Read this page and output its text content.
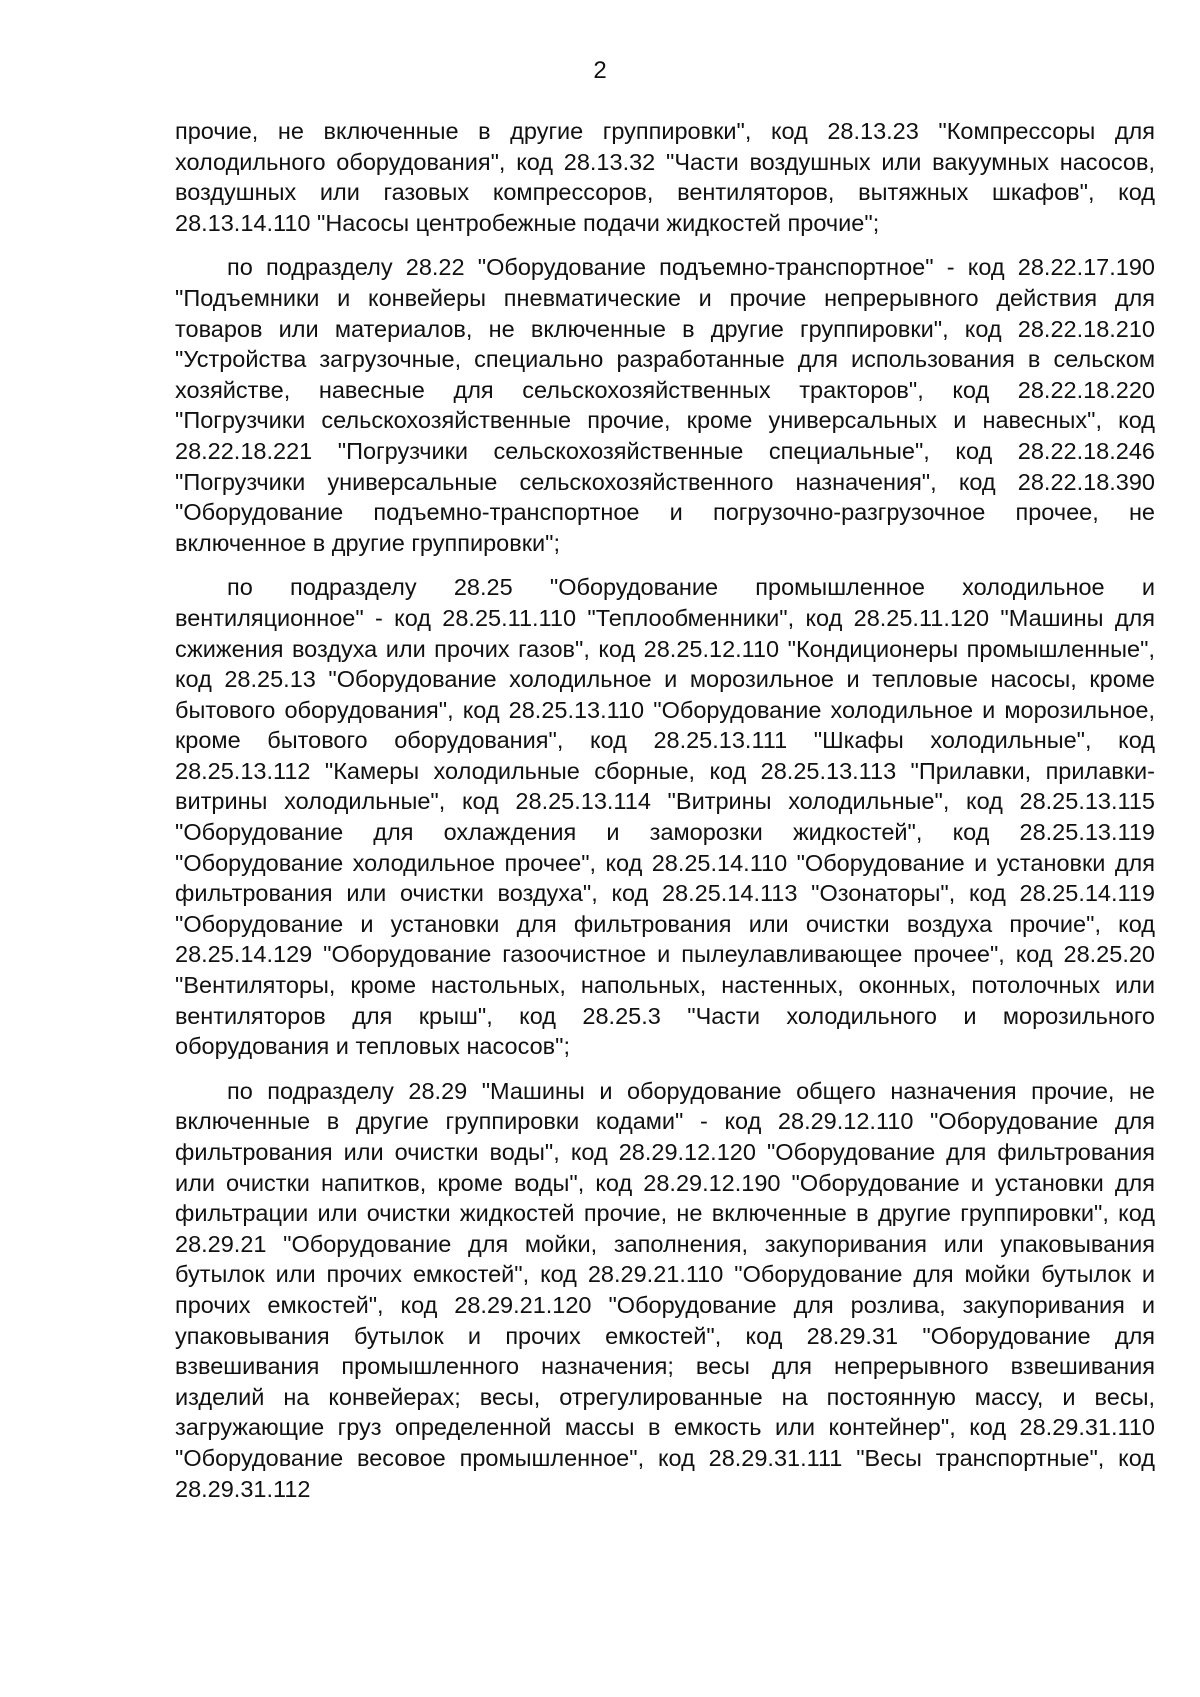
2

прочие, не включенные в другие группировки", код 28.13.23 "Компрессоры для холодильного оборудования", код 28.13.32 "Части воздушных или вакуумных насосов, воздушных или газовых компрессоров, вентиляторов, вытяжных шкафов", код 28.13.14.110 "Насосы центробежные подачи жидкостей прочие";

по подразделу 28.22 "Оборудование подъемно-транспортное" - код 28.22.17.190 "Подъемники и конвейеры пневматические и прочие непрерывного действия для товаров или материалов, не включенные в другие группировки", код 28.22.18.210 "Устройства загрузочные, специально разработанные для использования в сельском хозяйстве, навесные для сельскохозяйственных тракторов", код 28.22.18.220 "Погрузчики сельскохозяйственные прочие, кроме универсальных и навесных", код 28.22.18.221 "Погрузчики сельскохозяйственные специальные", код 28.22.18.246 "Погрузчики универсальные сельскохозяйственного назначения", код 28.22.18.390 "Оборудование подъемно-транспортное и погрузочно-разгрузочное прочее, не включенное в другие группировки";

по подразделу 28.25 "Оборудование промышленное холодильное и вентиляционное" - код 28.25.11.110 "Теплообменники", код 28.25.11.120 "Машины для сжижения воздуха или прочих газов", код 28.25.12.110 "Кондиционеры промышленные", код 28.25.13 "Оборудование холодильное и морозильное и тепловые насосы, кроме бытового оборудования", код 28.25.13.110 "Оборудование холодильное и морозильное, кроме бытового оборудования", код 28.25.13.111 "Шкафы холодильные", код 28.25.13.112 "Камеры холодильные сборные, код 28.25.13.113 "Прилавки, прилавки-витрины холодильные", код 28.25.13.114 "Витрины холодильные", код 28.25.13.115 "Оборудование для охлаждения и заморозки жидкостей", код 28.25.13.119 "Оборудование холодильное прочее", код 28.25.14.110 "Оборудование и установки для фильтрования или очистки воздуха", код 28.25.14.113 "Озонаторы", код 28.25.14.119 "Оборудование и установки для фильтрования или очистки воздуха прочие", код 28.25.14.129 "Оборудование газоочистное и пылеулавливающее прочее", код 28.25.20 "Вентиляторы, кроме настольных, напольных, настенных, оконных, потолочных или вентиляторов для крыш", код 28.25.3 "Части холодильного и морозильного оборудования и тепловых насосов";

по подразделу 28.29 "Машины и оборудование общего назначения прочие, не включенные в другие группировки кодами" - код 28.29.12.110 "Оборудование для фильтрования или очистки воды", код 28.29.12.120 "Оборудование для фильтрования или очистки напитков, кроме воды", код 28.29.12.190 "Оборудование и установки для фильтрации или очистки жидкостей прочие, не включенные в другие группировки", код 28.29.21 "Оборудование для мойки, заполнения, закупоривания или упаковывания бутылок или прочих емкостей", код 28.29.21.110 "Оборудование для мойки бутылок и прочих емкостей", код 28.29.21.120 "Оборудование для розлива, закупоривания и упаковывания бутылок и прочих емкостей", код 28.29.31 "Оборудование для взвешивания промышленного назначения; весы для непрерывного взвешивания изделий на конвейерах; весы, отрегулированные на постоянную массу, и весы, загружающие груз определенной массы в емкость или контейнер", код 28.29.31.110 "Оборудование весовое промышленное", код 28.29.31.111 "Весы транспортные", код 28.29.31.112
